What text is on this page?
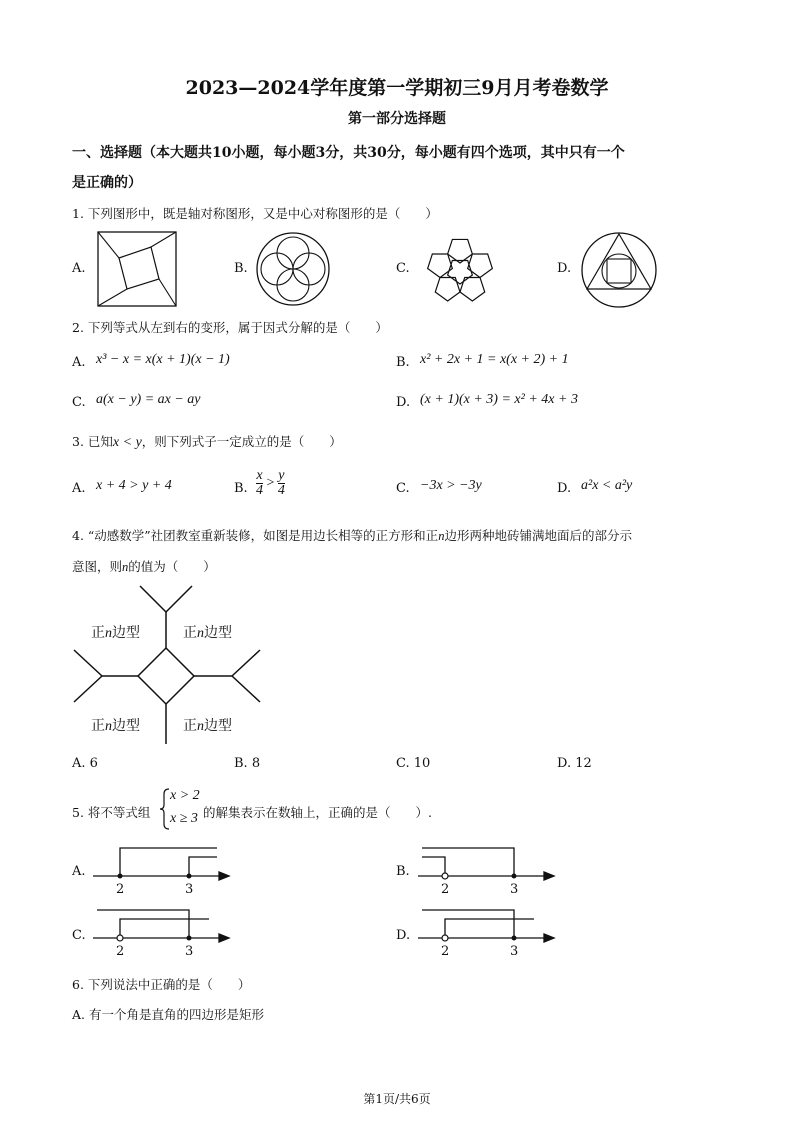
2023—2024学年度第一学期初三9月月考卷数学
第一部分选择题
一、选择题（本大题共10小题，每小题3分，共30分，每小题有四个选项，其中只有一个
是正确的）
1. 下列图形中，既是轴对称图形，又是中心对称图形的是（　　）
A.	B.	C.	D.
2. 下列等式从左到右的变形，属于因式分解的是（　　）
A. x³ − x = x(x + 1)(x − 1)	B. x² + 2x + 1 = x(x + 2) + 1
C. a(x − y) = ax − ay	D. (x + 1)(x + 3) = x² + 4x + 3
3. 已知x < y，则下列式子一定成立的是（　　）
A. x + 4 > y + 4	B. $\frac{x}{4} > \frac{y}{4}$	C. −3x > −3y	D. a²x < a²y
4. “动感数学”社团教室重新装修，如图是用边长相等的正方形和正n边形两种地砖铺满地面后的部分示
意图，则n的值为（　　）
正n边型	正n边型
正n边型	正n边型
A. 6	B. 8	C. 10	D. 12
5. 将不等式组
x > 2
x ≥ 3 的解集表示在数轴上，正确的是（　　）.
A.
2	3
B.
2	3
C.
2	3
D.
2	3
6. 下列说法中正确的是（　　）
A. 有一个角是直角的四边形是矩形
第1页/共6页
